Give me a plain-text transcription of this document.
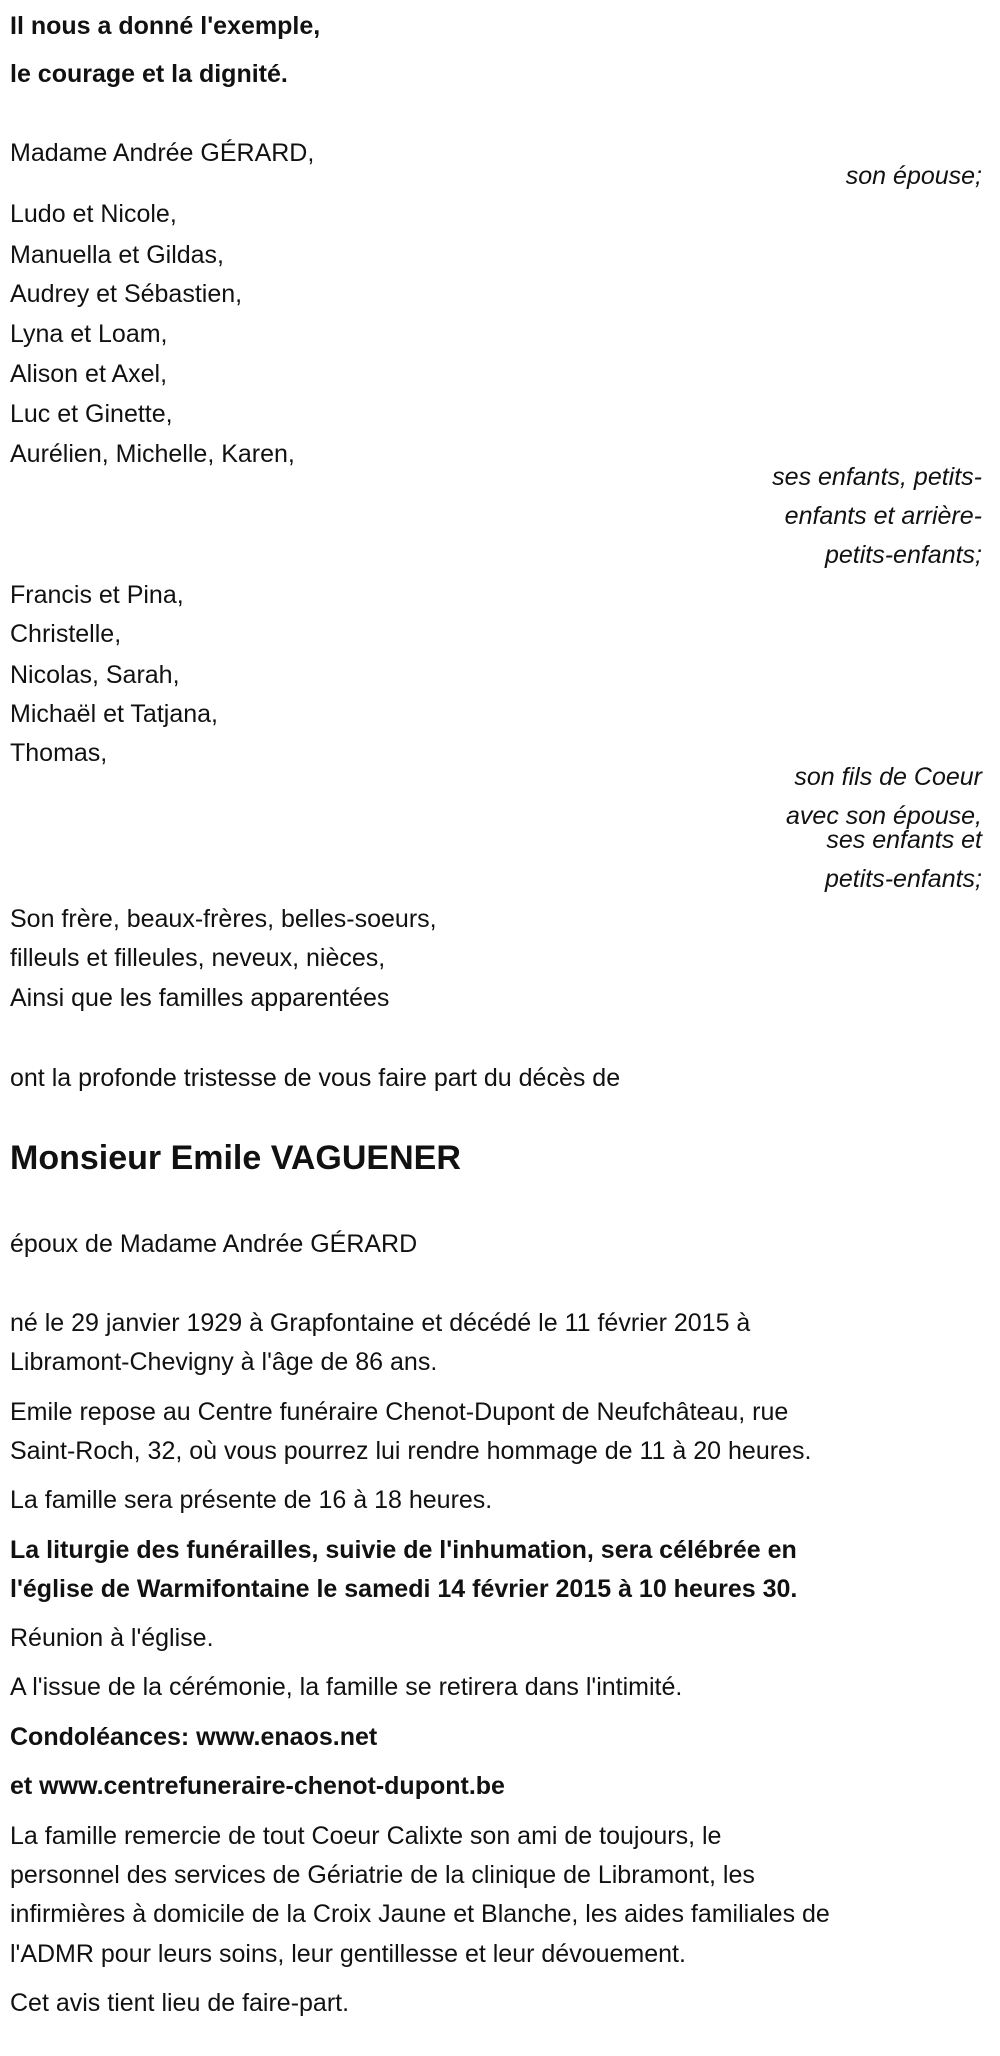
Il nous a donné l'exemple,
le courage et la dignité.
Madame Andrée GÉRARD,
son épouse;
Ludo et Nicole,
Manuella et Gildas,
Audrey et Sébastien,
Lyna et Loam,
Alison et Axel,
Luc et Ginette,
Aurélien, Michelle, Karen,
ses enfants, petits-
enfants et arrière-
petits-enfants;
Francis et Pina,
Christelle,
Nicolas, Sarah,
Michaël et Tatjana,
Thomas,
son fils de Coeur
avec son épouse,
ses enfants et
petits-enfants;
Son frère, beaux-frères, belles-soeurs,
filleuls et filleules, neveux, nièces,
Ainsi que les familles apparentées
ont la profonde tristesse de vous faire part du décès de
Monsieur Emile VAGUENER
époux de Madame Andrée GÉRARD
né le 29 janvier 1929 à Grapfontaine et décédé le 11 février 2015 à
Libramont-Chevigny à l'âge de 86 ans.
Emile repose au Centre funéraire Chenot-Dupont de Neufchâteau, rue
Saint-Roch, 32, où vous pourrez lui rendre hommage de 11 à 20 heures.
La famille sera présente de 16 à 18 heures.
La liturgie des funérailles, suivie de l'inhumation, sera célébrée en
l'église de Warmifontaine le samedi 14 février 2015 à 10 heures 30.
Réunion à l'église.
A l'issue de la cérémonie, la famille se retirera dans l'intimité.
Condoléances: www.enaos.net
et www.centrefuneraire-chenot-dupont.be
La famille remercie de tout Coeur Calixte son ami de toujours, le
personnel des services de Gériatrie de la clinique de Libramont, les
infirmières à domicile de la Croix Jaune et Blanche, les aides familiales de
l'ADMR pour leurs soins, leur gentillesse et leur dévouement.
Cet avis tient lieu de faire-part.
